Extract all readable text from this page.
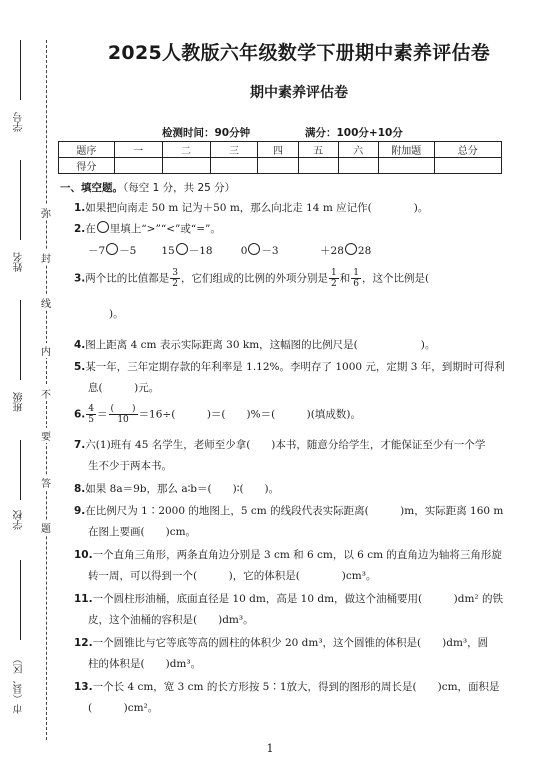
学号
姓名
班级
学校
市（县、区）
弥
封
线
内
不
要
答
题
2025人教版六年级数学下册期中素养评估卷
期中素养评估卷
检测时间：90分钟	满分：100分+10分
题序	一	二	三	四	五	六	附加题	总分
得分								
一、填空题。（每空 1 分，共 25 分）
1.如果把向南走 50 m 记为＋50 m，那么向北走 14 m 应记作(　　　　)。
2.在 里填上“>”“<”或“=”。
－7 －5 15 －18	0 －3	＋28 28
3.两个比的比值都是 $\frac{3}{2}$ ，它们组成的比例的外项分别是 $\frac{1}{2}$ 和 $\frac{1}{6}$ ，这个比例是(
　　)。
4.图上距离 4 cm 表示实际距离 30 km，这幅图的比例尺是(　　　　　　)。
5.某一年，三年定期存款的年利率是 1.12%。李明存了 1000 元，定期 3 年，到期时可得利
息(　　　)元。
6. $\frac{4}{5} = \frac{( )}{10} =16\div$(　　　)＝(　　)%＝(　　　)(填成数)。
7.六(1)班有 45 名学生，老师至少拿(　　)本书，随意分给学生，才能保证至少有一个学
生不少于两本书。
8.如果 8a＝9b，那么 a∶b＝(　　)∶(　　)。
9.在比例尺为 1∶2000 的地图上，5 cm 的线段代表实际距离(　　　)m，实际距离 160 m
在图上要画(　　)cm。
10.一个直角三角形，两条直角边分别是 3 cm 和 6 cm，以 6 cm 的直角边为轴将三角形旋
转一周，可以得到一个(　　　)，它的体积是(　　　　)cm³。
11.一个圆柱形油桶，底面直径是 10 dm，高是 10 dm，做这个油桶要用(　　　)dm² 的铁
皮，这个油桶的容积是(　　)dm³。
12.一个圆锥比与它等底等高的圆柱的体积少 20 dm³，这个圆锥的体积是(　　)dm³，圆
柱的体积是(　　)dm³。
13.一个长 4 cm，宽 3 cm 的长方形按 5∶1放大，得到的图形的周长是(　　)cm，面积是
(　　　)cm²。
1
